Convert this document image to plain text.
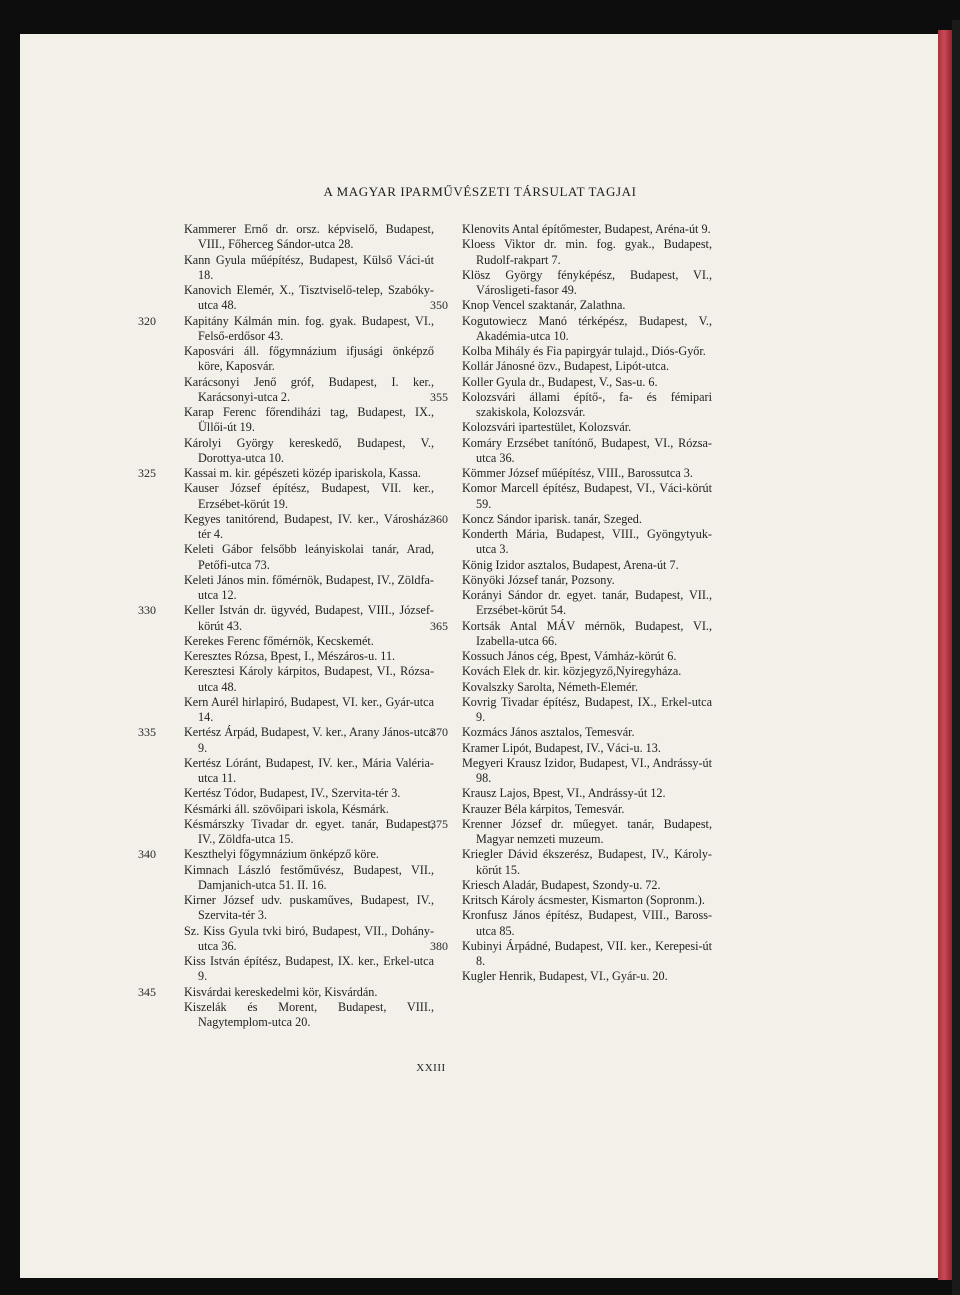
A MAGYAR IPARMŰVÉSZETI TÁRSULAT TAGJAI
Kammerer Ernő dr. orsz. képviselő, Budapest, VIII., Főherceg Sándor-utca 28.
Kann Gyula műépítész, Budapest, Külső Váci-út 18.
Kanovich Elemér, X., Tisztviselő-telep, Szabóky-utca 48.
320 Kapitány Kálmán min. fog. gyak. Budapest, VI., Felső-erdősor 43.
Kaposvári áll. főgymnázium ifjusági önképző köre, Kaposvár.
Karácsonyi Jenő gróf, Budapest, I. ker., Karácsonyi-utca 2.
Karap Ferenc főrendiházi tag, Budapest, IX., Üllői-út 19.
Károlyi György kereskedő, Budapest, V., Dorottya-utca 10.
325 Kassai m. kir. gépészeti közép ipariskola, Kassa.
Kauser József építész, Budapest, VII. ker., Erzsébet-körút 19.
Kegyes tanitórend, Budapest, IV. ker., Városház-tér 4.
Keleti Gábor felsőbb leányiskolai tanár, Arad, Petőfi-utca 73.
Keleti János min. főmérnök, Budapest, IV., Zöldfa-utca 12.
330 Keller István dr. ügyvéd, Budapest, VIII., József-körút 43.
Kerekes Ferenc főmérnök, Kecskemét.
Keresztes Rózsa, Bpest, I., Mészáros-u. 11.
Keresztesi Károly kárpitos, Budapest, VI., Rózsa-utca 48.
Kern Aurél hirlapiró, Budapest, VI. ker., Gyár-utca 14.
335 Kertész Árpád, Budapest, V. ker., Arany János-utca 9.
Kertész Lóránt, Budapest, IV. ker., Mária Valéria-utca 11.
Kertész Tódor, Budapest, IV., Szervita-tér 3.
Késmárki áll. szövőipari iskola, Késmárk.
Késmárszky Tivadar dr. egyet. tanár, Budapest, IV., Zöldfa-utca 15.
340 Keszthelyi főgymnázium önképző köre.
Kimnach László festőművész, Budapest, VII., Damjanich-utca 51. II. 16.
Kirner József udv. puskaműves, Budapest, IV., Szervita-tér 3.
Sz. Kiss Gyula tvki biró, Budapest, VII., Dohány-utca 36.
Kiss István építész, Budapest, IX. ker., Erkel-utca 9.
345 Kisvárdai kereskedelmi kör, Kisvárdán.
Kiszelák és Morent, Budapest, VIII., Nagytemplom-utca 20.
Klenovits Antal építőmester, Budapest, Aréna-út 9.
Kloess Viktor dr. min. fog. gyak., Budapest, Rudolf-rakpart 7.
Klösz György fényképész, Budapest, VI., Városligeti-fasor 49.
350 Knop Vencel szaktanár, Zalathna.
Kogutowiecz Manó térképész, Budapest, V., Akadémia-utca 10.
Kolba Mihály és Fia papirgyár tulajd., Diós-Győr.
Kollár Jánosné özv., Budapest, Lipót-utca.
Koller Gyula dr., Budapest, V., Sas-u. 6.
355 Kolozsvári állami építő-, fa- és fémipari szakiskola, Kolozsvár.
Kolozsvári ipartestület, Kolozsvár.
Komáry Erzsébet tanítónő, Budapest, VI., Rózsa-utca 36.
Kömmer József műépítész, VIII., Barossutca 3.
Komor Marcell építész, Budapest, VI., Váci-körút 59.
360 Koncz Sándor iparisk. tanár, Szeged.
Konderth Mária, Budapest, VIII., Gyöngytyuk-utca 3.
König Izidor asztalos, Budapest, Arena-út 7.
Könyöki József tanár, Pozsony.
Korányi Sándor dr. egyet. tanár, Budapest, VII., Erzsébet-körút 54.
365 Kortsák Antal MÁV mérnök, Budapest, VI., Izabella-utca 66.
Kossuch János cég, Bpest, Vámház-körút 6.
Kovách Elek dr. kir. közjegyző,Nyiregyháza.
Kovalszky Sarolta, Németh-Elemér.
Kovrig Tivadar építész, Budapest, IX., Erkel-utca 9.
370 Kozmács János asztalos, Temesvár.
Kramer Lipót, Budapest, IV., Váci-u. 13.
Megyeri Krausz Izidor, Budapest, VI., Andrássy-út 98.
Krausz Lajos, Bpest, VI., Andrássy-út 12.
Krauzer Béla kárpitos, Temesvár.
375 Krenner József dr. műegyet. tanár, Budapest, Magyar nemzeti muzeum.
Kriegler Dávid ékszerész, Budapest, IV., Károly-körút 15.
Kriesch Aladár, Budapest, Szondy-u. 72.
Kritsch Károly ácsmester, Kismarton (Sopronm.).
Kronfusz János építész, Budapest, VIII., Baross-utca 85.
380 Kubinyi Árpádné, Budapest, VII. ker., Kerepesi-út 8.
Kugler Henrik, Budapest, VI., Gyár-u. 20.
XXIII
